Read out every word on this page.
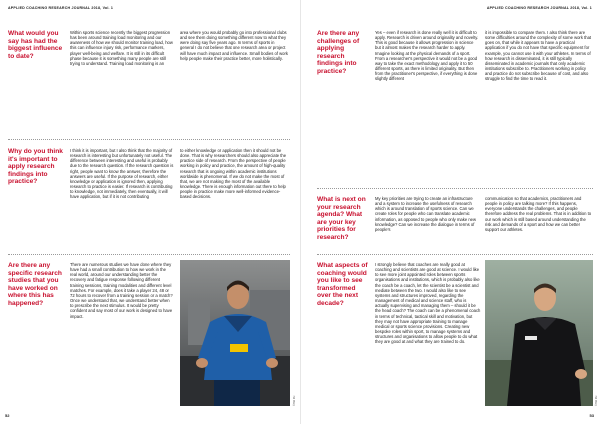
APPLIED COACHING RESEARCH JOURNAL 2018, Vol. 1
What would you say has had the biggest influence to date?
Within sports science recently the biggest progression has been around training load monitoring and our awareness of how we should monitor training load, how this can influence injury risk, performance markers, player well-being and welfare. It is still in its difficult phase because it is something many people are still trying to understand. Training load monitoring is an
area where you would probably go into professional clubs and see them doing something different now to what they were doing say five years ago. In terms of sports in general I do not believe that one research area or project will have much impact and influence. Small bodies of work help people make their practice better, more holistically.
Why do you think it's important to apply research findings into practice?
I think it is important, but I also think that the majority of research is interesting but unfortunately not useful. The difference between interesting and useful is probably due to the research question. If the research question is right, people want to know the answer, therefore the answers are useful. If the purpose of research, either knowledge or application is ignored then, applying research to practice is easier. If research is contributing to knowledge, not immediately, then eventually, it will have application, but if it is not contributing
to either knowledge or application then it should not be done. That is why researchers should also appreciate the practice side of research. From the perspective of people working in policy and practice, the amount of high-quality research that is ongoing within academic institutions worldwide is phenomenal. If we do not make the most of that, we are not making the most of the available knowledge. There is enough information out there to help people in practice make more well-informed evidence-based decisions.
Are there any specific research studies that you have worked on where this has happened?
There are numerous studies we have done where they have had a small contribution to how we work in the real world, around our understanding better the recovery and fatigue response following different training sessions, training modalities and different level matches. For example, does it take a player 24, 48 or 72 hours to recover from a training session or a match? Once we understand that, we understand better when to prescribe the next stimulus. It would be pretty confident and say most of our work is designed to have impact.
©SW Pix
52
APPLIED COACHING RESEARCH JOURNAL 2018, Vol. 1
Are there any challenges of applying research findings into practice?
Yes – even if research is done really well it is difficult to apply. Research is driven around originality and novelty. This is good because it allows progression in science but it almost makes the research harder to apply. Imagine looking at the physical demands of a sport. From a researcher's perspective it would not be a good way to take the exact methodology and apply it to 50 different sports, as there is limited originality. But then from the practitioner's perspective, if everything is done slightly different
it is impossible to compare them. I also think there are some difficulties around the complexity of some work that goes on, that while it appears to have a practical application if you do not have that specific equipment for example, you cannot use it with your athletes. In terms of how research is disseminated, it is still typically disseminated in academic journals that only academic institutions subscribe to. Practitioners working in policy and practice do not subscribe because of cost, and also struggle to find the time to read it.
What is next on your research agenda? What are your key priorities for research?
My key priorities are trying to create an infrastructure and a system to increase the usefulness of research which is around translation of sports science. Can we create roles for people who can translate academic information, as opposed to people who only make new knowledge? Can we increase the dialogue in terms of people's
communication so that academics, practitioners and people in policy are talking more? If this happens, everyone understands the challenges, and people therefore address the real problems. That is in addition to our work which is still based around understanding the risk and demands of a sport and how we can better support our athletes.
What aspects of coaching would you like to see transformed over the next decade?
I strongly believe that coaches are really good at coaching and scientists are good at science. I would like to see more joint appointed roles between sports organisations and institutions, which is probably also like the coach be a coach, let the scientist be a scientist and mediate between the two. I would also like to see systems and structures improved, regarding the management of medical and science staff, who is actually supervising and managing them – should it be the head coach? The coach can be a phenomenal coach in terms of technical, tactical skill and motivation, but they may not have appropriate training to manage medical or sports science provisions. Creating new bespoke roles within sport, to manage systems and structures and organisations to allow people to do what they are good at and what they are trained to do.
©SW Pix
53
